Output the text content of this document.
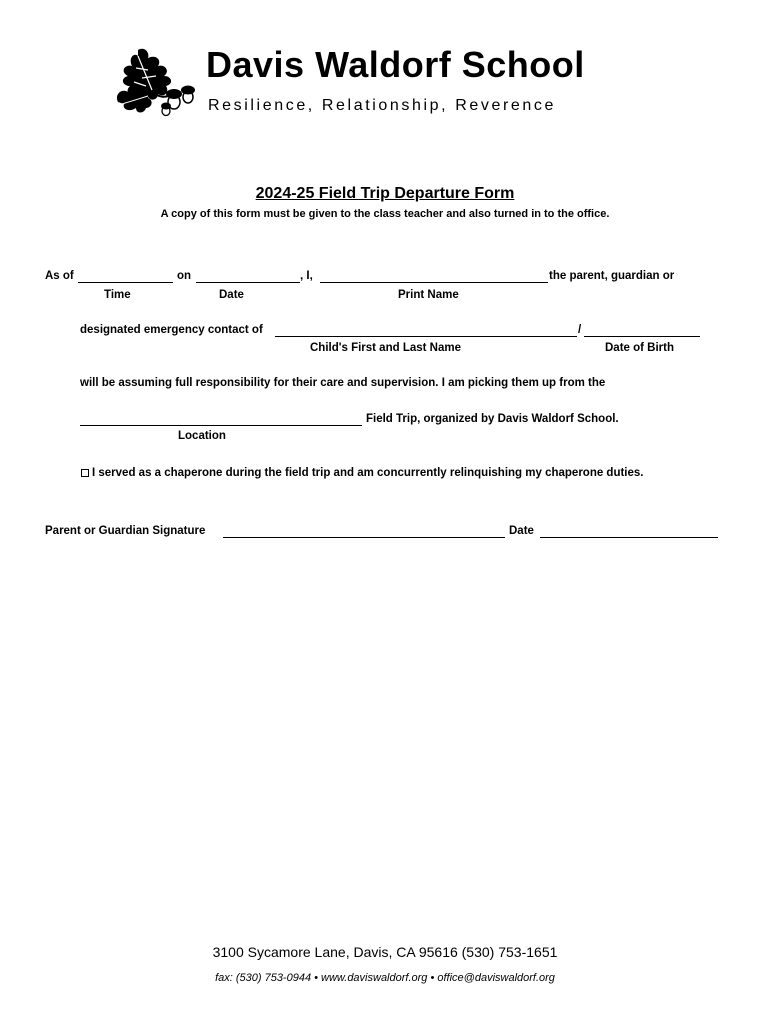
Davis Waldorf School
Resilience, Relationship, Reverence
2024-25 Field Trip Departure Form
A copy of this form must be given to the class teacher and also turned in to the office.
As of	on	, I,	the parent, guardian or
Time	Date	Print Name
designated emergency contact of	/
Child's First and Last Name	Date of Birth
will be assuming full responsibility for their care and supervision. I am picking them up from the
Field Trip, organized by Davis Waldorf School.
Location
I served as a chaperone during the field trip and am concurrently relinquishing my chaperone duties.
Parent or Guardian Signature	Date
3100 Sycamore Lane, Davis, CA 95616 (530) 753-1651
fax: (530) 753-0944 • www.daviswaldorf.org • office@daviswaldorf.org
